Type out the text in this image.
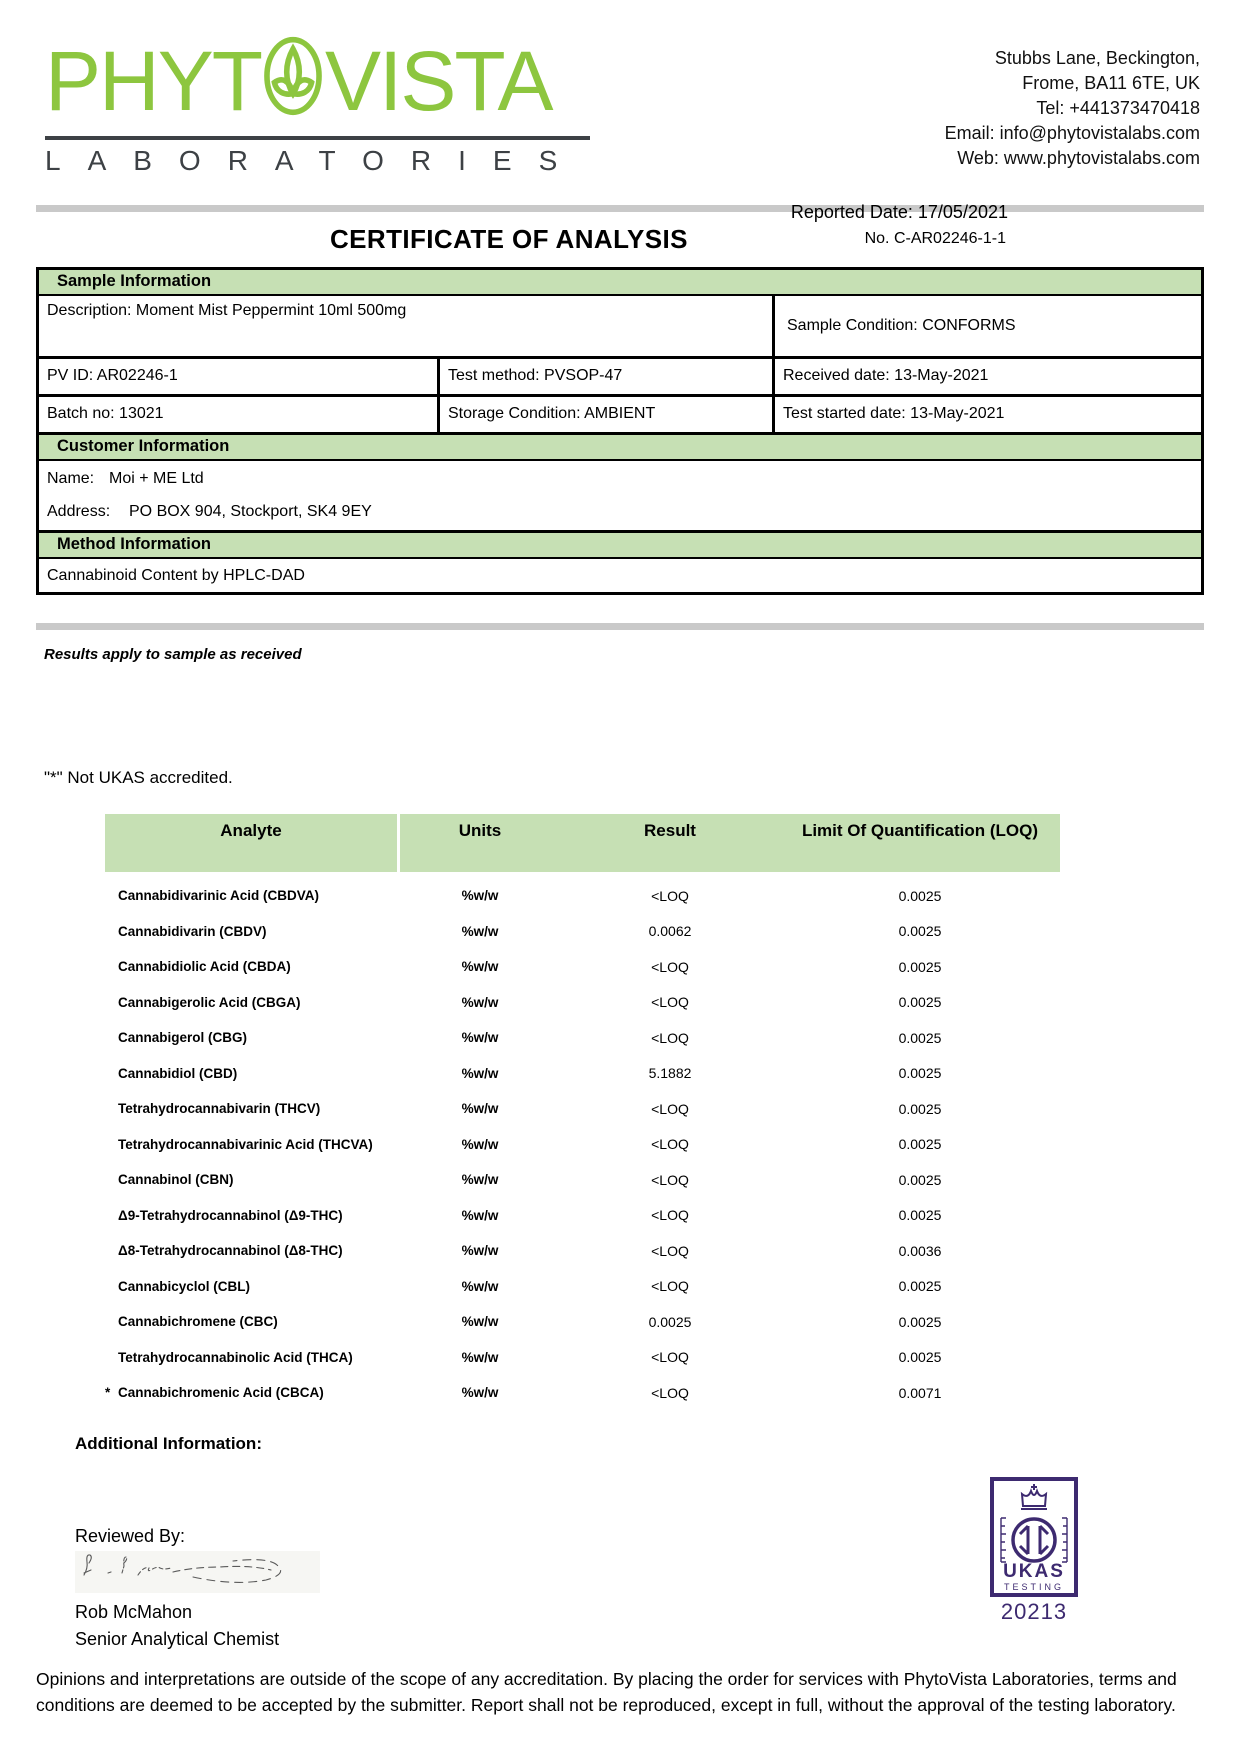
PHYT VISTA
LABORATORIES
Stubbs Lane, Beckington,
Frome, BA11 6TE, UK
Tel: +441373470418
Email: info@phytovistalabs.com
Web: www.phytovistalabs.com
CERTIFICATE OF ANALYSIS
Reported Date: 17/05/2021
No. C-AR02246-1-1
Sample Information
Description: Moment Mist Peppermint 10ml 500mg
Sample Condition: CONFORMS
PV ID: AR02246-1	Test method: PVSOP-47	Received date: 13-May-2021
Batch no: 13021	Storage Condition: AMBIENT	Test started date: 13-May-2021
Customer Information
Name: Moi + ME Ltd
Address: PO BOX 904, Stockport, SK4 9EY
Method Information
Cannabinoid Content by HPLC-DAD
Results apply to sample as received
"*" Not UKAS accredited.
Analyte	Units	Result	Limit Of Quantification (LOQ)
Cannabidivarinic Acid (CBDVA)	%w/w	<LOQ	0.0025
Cannabidivarin (CBDV)	%w/w	0.0062	0.0025
Cannabidiolic Acid (CBDA)	%w/w	<LOQ	0.0025
Cannabigerolic Acid (CBGA)	%w/w	<LOQ	0.0025
Cannabigerol (CBG)	%w/w	<LOQ	0.0025
Cannabidiol (CBD)	%w/w	5.1882	0.0025
Tetrahydrocannabivarin (THCV)	%w/w	<LOQ	0.0025
Tetrahydrocannabivarinic Acid (THCVA)	%w/w	<LOQ	0.0025
Cannabinol (CBN)	%w/w	<LOQ	0.0025
Δ9-Tetrahydrocannabinol (Δ9-THC)	%w/w	<LOQ	0.0025
Δ8-Tetrahydrocannabinol (Δ8-THC)	%w/w	<LOQ	0.0036
Cannabicyclol (CBL)	%w/w	<LOQ	0.0025
Cannabichromene (CBC)	%w/w	0.0025	0.0025
Tetrahydrocannabinolic Acid (THCA)	%w/w	<LOQ	0.0025
* Cannabichromenic Acid (CBCA)	%w/w	<LOQ	0.0071
Additional Information:
Reviewed By:
Rob McMahon
Senior Analytical Chemist
UKAS
TESTING
20213
Opinions and interpretations are outside of the scope of any accreditation. By placing the order for services with PhytoVista Laboratories, terms and conditions are deemed to be accepted by the submitter. Report shall not be reproduced, except in full, without the approval of the testing laboratory.
